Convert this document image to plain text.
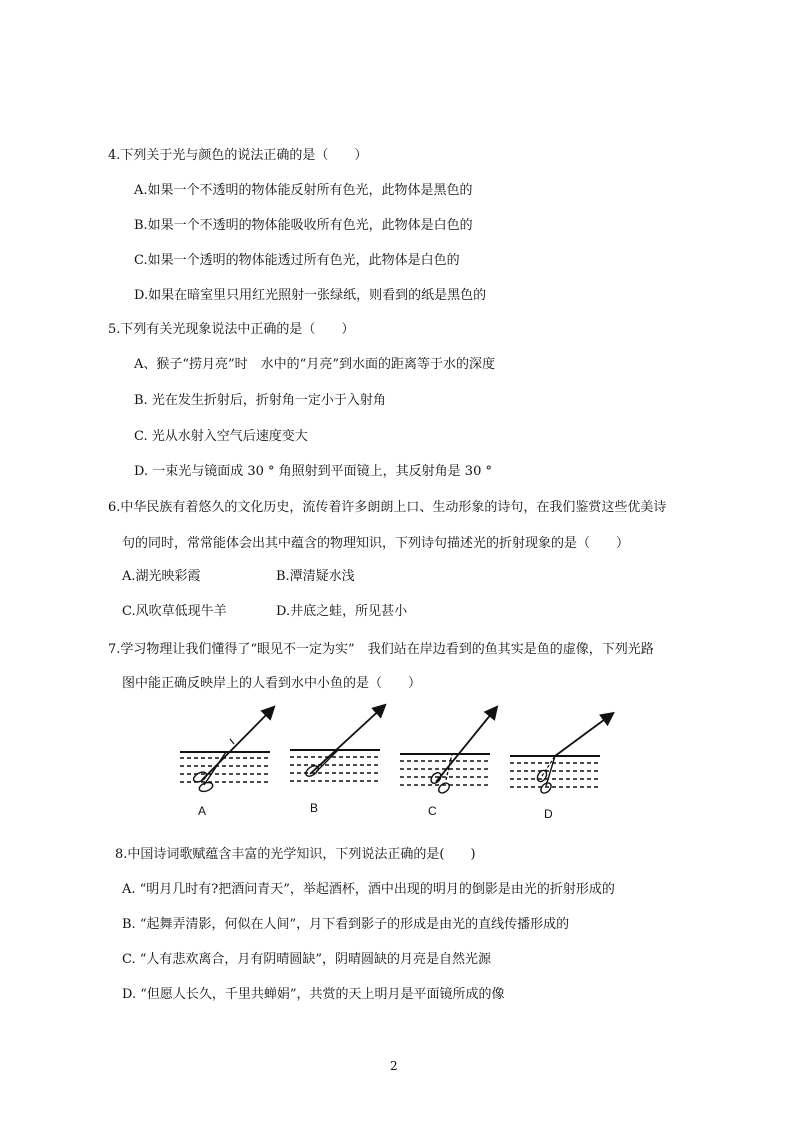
4.下列关于光与颜色的说法正确的是（　　）
A.如果一个不透明的物体能反射所有色光，此物体是黑色的
B.如果一个不透明的物体能吸收所有色光，此物体是白色的
C.如果一个透明的物体能透过所有色光，此物体是白色的
D.如果在暗室里只用红光照射一张绿纸，则看到的纸是黑色的
5.下列有关光现象说法中正确的是（　　）
A、猴子“捞月亮”时　水中的“月亮”到水面的距离等于水的深度
B. 光在发生折射后，折射角一定小于入射角
C. 光从水射入空气后速度变大
D. 一束光与镜面成 30 ° 角照射到平面镜上，其反射角是 30 °
6.中华民族有着悠久的文化历史，流传着许多朗朗上口、生动形象的诗句，在我们鉴赏这些优美诗
句的同时，常常能体会出其中蕴含的物理知识，下列诗句描述光的折射现象的是（　　）
A.湖光映彩霞	B.潭清疑水浅
C.风吹草低现牛羊	D.井底之蛙，所见甚小
7.学习物理让我们懂得了“眼见不一定为实”　我们站在岸边看到的鱼其实是鱼的虚像，下列光路
图中能正确反映岸上的人看到水中小鱼的是（　　）
A	B	C	D
8.中国诗词歌赋蕴含丰富的光学知识，下列说法正确的是(　　)
A. “明月几时有?把酒问青天”，举起酒杯，酒中出现的明月的倒影是由光的折射形成的
B. “起舞弄清影，何似在人间”，月下看到影子的形成是由光的直线传播形成的
C. “人有悲欢离合，月有阴晴圆缺”，阴晴圆缺的月亮是自然光源
D. “但愿人长久，千里共蝉娟”，共赏的天上明月是平面镜所成的像
2
